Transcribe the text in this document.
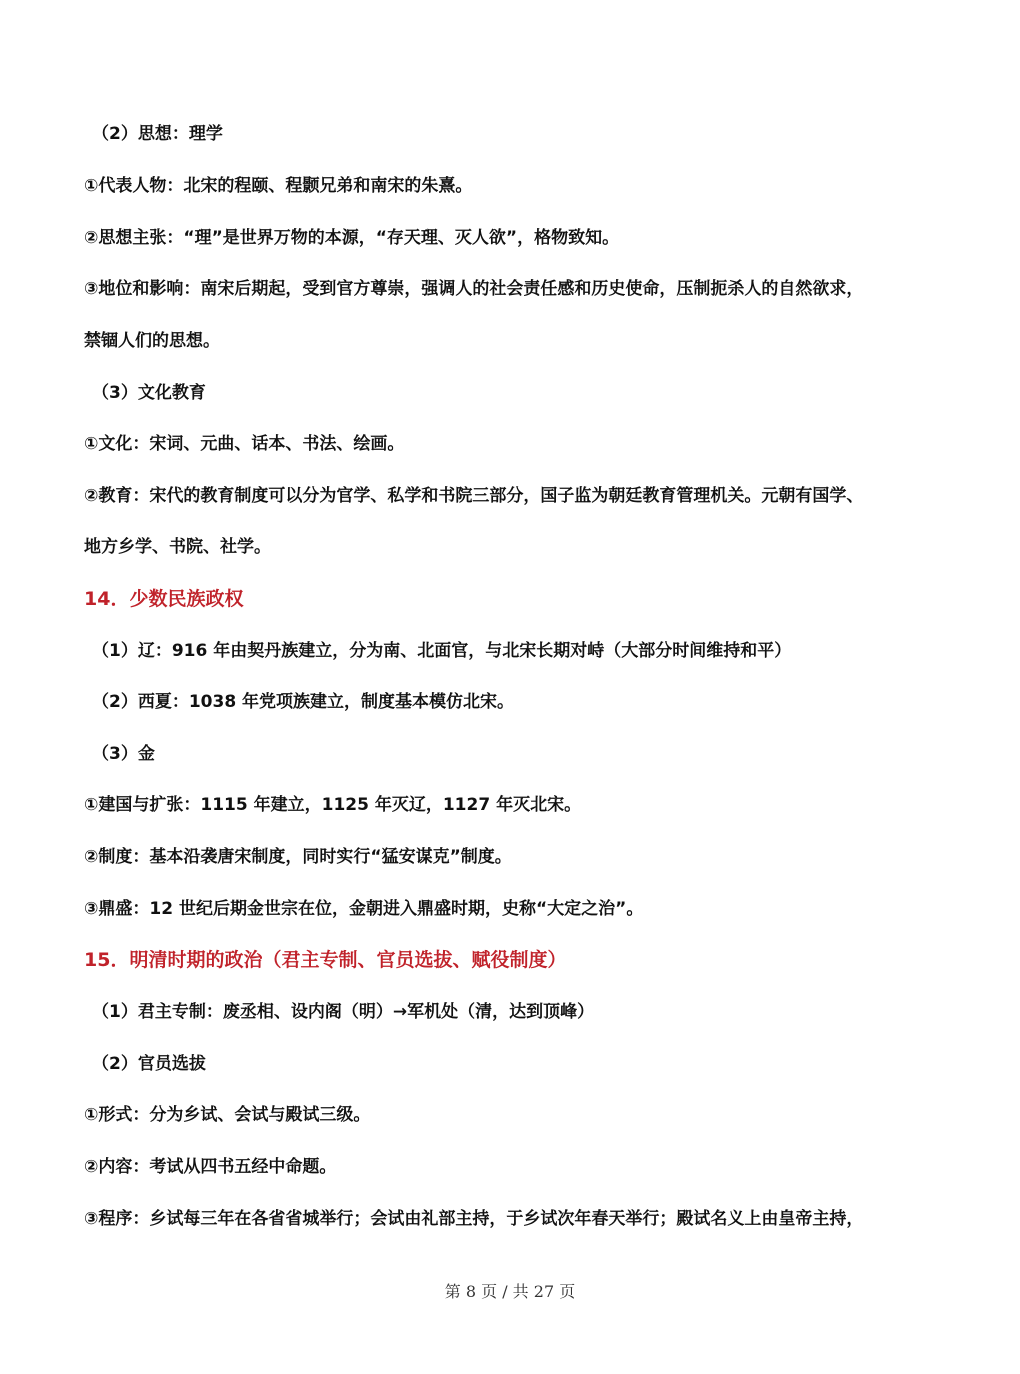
（2）思想：理学
①代表人物：北宋的程颐、程颢兄弟和南宋的朱熹。
②思想主张：“理”是世界万物的本源，“存天理、灭人欲”，格物致知。
③地位和影响：南宋后期起，受到官方尊崇，强调人的社会责任感和历史使命，压制扼杀人的自然欲求，
禁锢人们的思想。
（3）文化教育
①文化：宋词、元曲、话本、书法、绘画。
②教育：宋代的教育制度可以分为官学、私学和书院三部分，国子监为朝廷教育管理机关。元朝有国学、
地方乡学、书院、社学。
14．少数民族政权
（1）辽：916 年由契丹族建立，分为南、北面官，与北宋长期对峙（大部分时间维持和平）
（2）西夏：1038 年党项族建立，制度基本模仿北宋。
（3）金
①建国与扩张：1115 年建立，1125 年灭辽，1127 年灭北宋。
②制度：基本沿袭唐宋制度，同时实行“猛安谋克”制度。
③鼎盛：12 世纪后期金世宗在位，金朝进入鼎盛时期，史称“大定之治”。
15．明清时期的政治（君主专制、官员选拔、赋役制度）
（1）君主专制：废丞相、设内阁（明）→军机处（清，达到顶峰）
（2）官员选拔
①形式：分为乡试、会试与殿试三级。
②内容：考试从四书五经中命题。
③程序：乡试每三年在各省省城举行；会试由礼部主持，于乡试次年春天举行；殿试名义上由皇帝主持，
第 8 页 / 共 27 页
